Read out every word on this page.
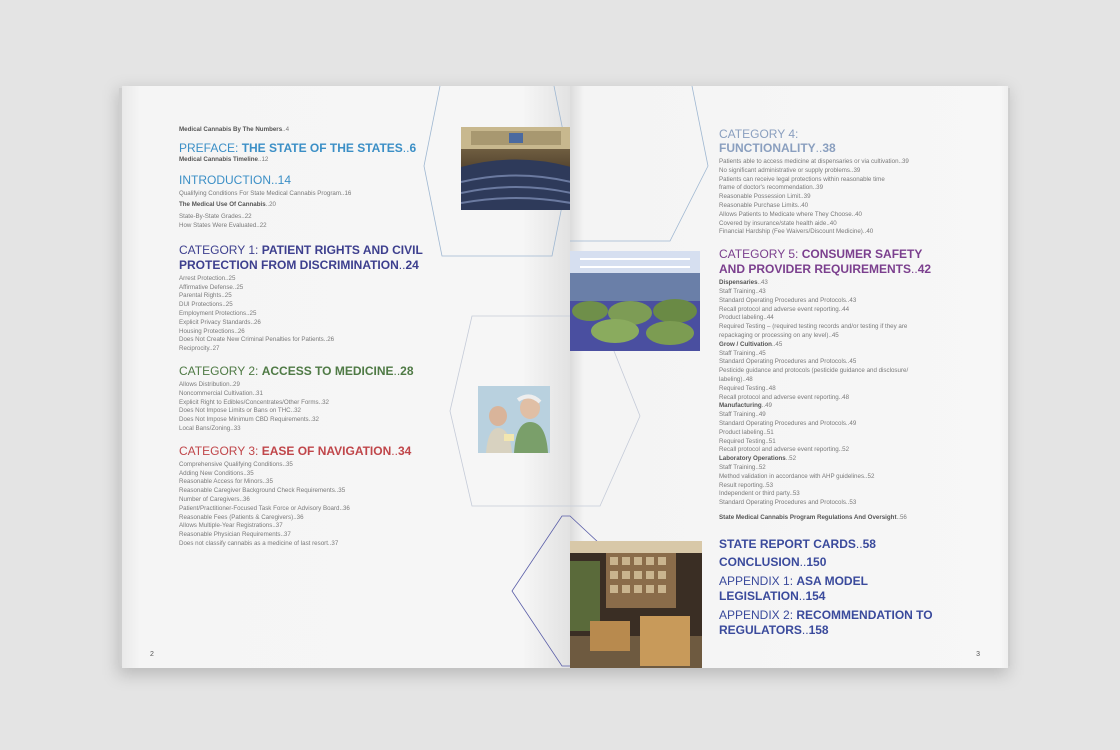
Medical Cannabis By The Numbers..4
PREFACE: THE STATE OF THE STATES..6
Medical Cannabis Timeline..12
INTRODUCTION..14
Qualifying Conditions For State Medical Cannabis Program..16
The Medical Use Of Cannabis..20
State-By-State Grades..22
How States Were Evaluated..22
CATEGORY 1: PATIENT RIGHTS AND CIVIL
PROTECTION FROM DISCRIMINATION..24
Arrest Protection..25
Affirmative Defense..25
Parental Rights..25
DUI Protections..25
Employment Protections..25
Explicit Privacy Standards..26
Housing Protections..26
Does Not Create New Criminal Penalties for Patients..26
Reciprocity..27
CATEGORY 2: ACCESS TO MEDICINE..28
Allows Distribution..29
Noncommercial Cultivation..31
Explicit Right to Edibles/Concentrates/Other Forms..32
Does Not Impose Limits or Bans on THC..32
Does Not Impose Minimum CBD Requirements..32
Local Bans/Zoning..33
CATEGORY 3: EASE OF NAVIGATION..34
Comprehensive Qualifying Conditions..35
Adding New Conditions..35
Reasonable Access for Minors..35
Reasonable Caregiver Background Check Requirements..35
Number of Caregivers..36
Patient/Practitioner-Focused Task Force or Advisory Board..36
Reasonable Fees (Patients & Caregivers)..36
Allows Multiple-Year Registrations..37
Reasonable Physician Requirements..37
Does not classify cannabis as a medicine of last resort..37
2
CATEGORY 4:
FUNCTIONALITY..38
Patients able to access medicine at dispensaries or via cultivation..39
No significant administrative or supply problems..39
Patients can receive legal protections within reasonable time
frame of doctor's recommendation..39
Reasonable Possession Limit..39
Reasonable Purchase Limits..40
Allows Patients to Medicate where They Choose..40
Covered by insurance/state health aide..40
Financial Hardship (Fee Waivers/Discount Medicine)..40
CATEGORY 5: CONSUMER SAFETY
AND PROVIDER REQUIREMENTS..42
Dispensaries..43
Staff Training..43
Standard Operating Procedures and Protocols..43
Recall protocol and adverse event reporting..44
Product labeling..44
Required Testing – (required testing records and/or testing if they are
repackaging or processing on any level)..45
Grow / Cultivation..45
Staff Training..45
Standard Operating Procedures and Protocols..45
Pesticide guidance and protocols (pesticide guidance and disclosure/
labeling)..48
Required Testing..48
Recall protocol and adverse event reporting..48
Manufacturing..49
Staff Training..49
Standard Operating Procedures and Protocols..49
Product labeling..51
Required Testing..51
Recall protocol and adverse event reporting..52
Laboratory Operations..52
Staff Training..52
Method validation in accordance with AHP guidelines..52
Result reporting..53
Independent or third party..53
Standard Operating Procedures and Protocols..53
State Medical Cannabis Program Regulations And Oversight..56
STATE REPORT CARDS..58
CONCLUSION..150
APPENDIX 1: ASA MODEL
LEGISLATION..154
APPENDIX 2: RECOMMENDATION TO
REGULATORS..158
3
